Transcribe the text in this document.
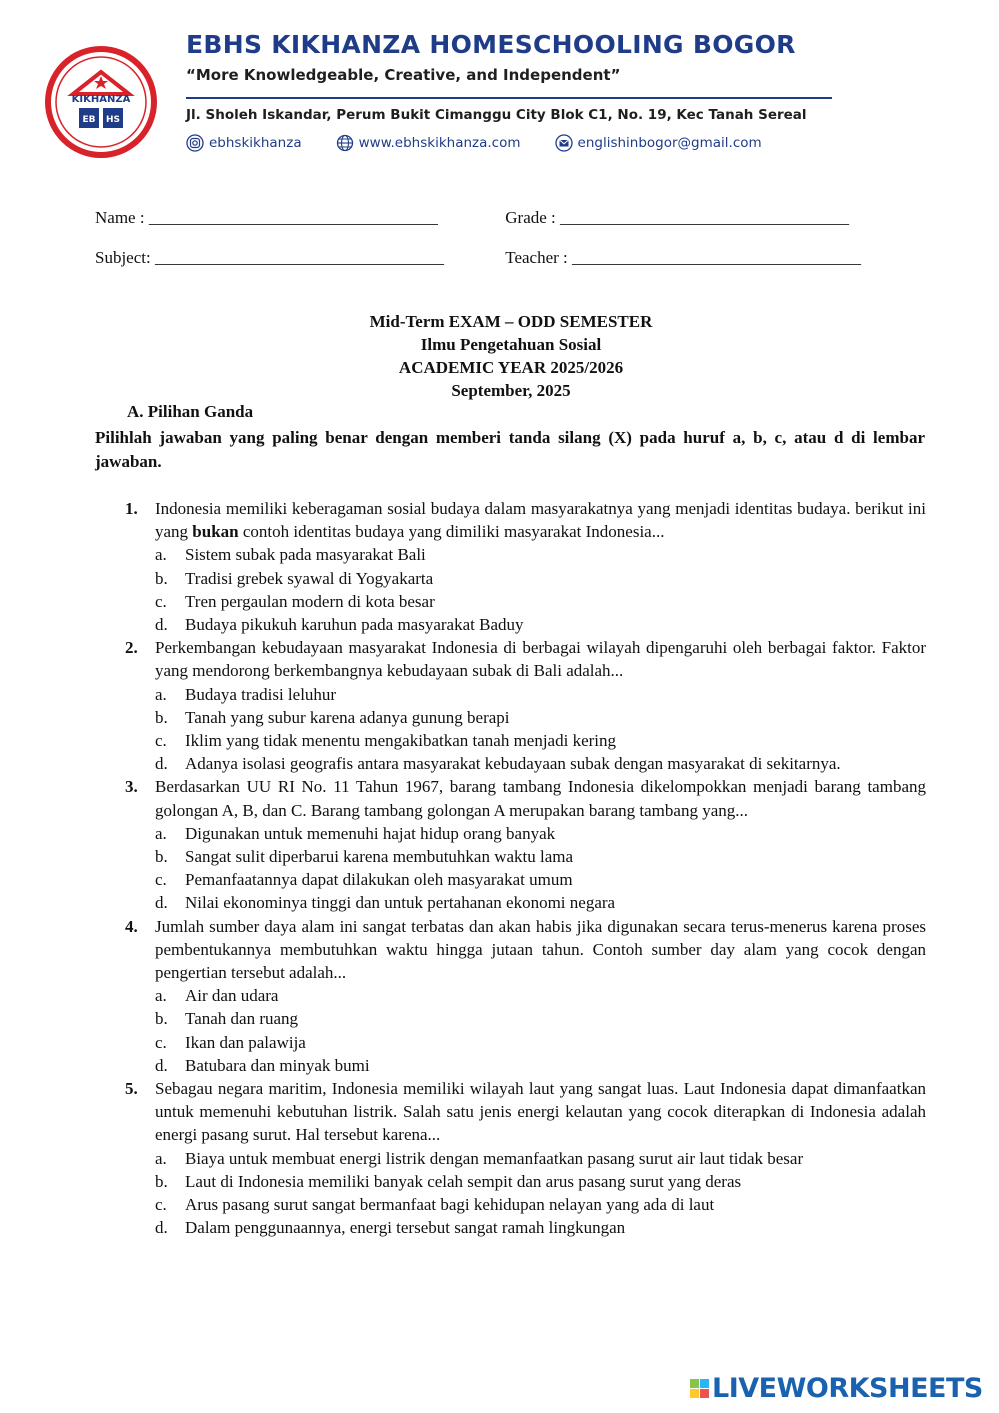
KIKHANZA
EB HS
EBHS KIKHANZA HOMESCHOOLING BOGOR
“More Knowledgeable, Creative, and Independent”
Jl. Sholeh Iskandar, Perum Bukit Cimanggu City Blok C1, No. 19, Kec Tanah Sereal
ebhskikhanza	www.ebhskikhanza.com	englishinbogor@gmail.com
Name : __________________________________	Grade : __________________________________
Subject: __________________________________	Teacher : __________________________________
Mid-Term EXAM – ODD SEMESTER
Ilmu Pengetahuan Sosial
ACADEMIC YEAR 2025/2026
September, 2025
A. Pilihan Ganda
Pilihlah jawaban yang paling benar dengan memberi tanda silang (X) pada huruf a, b, c, atau d di lembar jawaban.
1.	Indonesia memiliki keberagaman sosial budaya dalam masyarakatnya yang menjadi identitas budaya. berikut ini yang bukan contoh identitas budaya yang dimiliki masyarakat Indonesia...
a.	Sistem subak pada masyarakat Bali
b.	Tradisi grebek syawal di Yogyakarta
c.	Tren pergaulan modern di kota besar
d.	Budaya pikukuh karuhun pada masyarakat Baduy
2.	Perkembangan kebudayaan masyarakat Indonesia di berbagai wilayah dipengaruhi oleh berbagai faktor. Faktor yang mendorong berkembangnya kebudayaan subak di Bali adalah...
a.	Budaya tradisi leluhur
b.	Tanah yang subur karena adanya gunung berapi
c.	Iklim yang tidak menentu mengakibatkan tanah menjadi kering
d.	Adanya isolasi geografis antara masyarakat kebudayaan subak dengan masyarakat di sekitarnya.
3.	Berdasarkan UU RI No. 11 Tahun 1967, barang tambang Indonesia dikelompokkan menjadi barang tambang golongan A, B, dan C. Barang tambang golongan A merupakan barang tambang yang...
a.	Digunakan untuk memenuhi hajat hidup orang banyak
b.	Sangat sulit diperbarui karena membutuhkan waktu lama
c.	Pemanfaatannya dapat dilakukan oleh masyarakat umum
d.	Nilai ekonominya tinggi dan untuk pertahanan ekonomi negara
4.	Jumlah sumber daya alam ini sangat terbatas dan akan habis jika digunakan secara terus-menerus karena proses pembentukannya membutuhkan waktu hingga jutaan tahun. Contoh sumber day alam yang cocok dengan pengertian tersebut adalah...
a.	Air dan udara
b.	Tanah dan ruang
c.	Ikan dan palawija
d.	Batubara dan minyak bumi
5.	Sebagau negara maritim, Indonesia memiliki wilayah laut yang sangat luas. Laut Indonesia dapat dimanfaatkan untuk memenuhi kebutuhan listrik. Salah satu jenis energi kelautan yang cocok diterapkan di Indonesia adalah energi pasang surut. Hal tersebut karena...
a.	Biaya untuk membuat energi listrik dengan memanfaatkan pasang surut air laut tidak besar
b.	Laut di Indonesia memiliki banyak celah sempit dan arus pasang surut yang deras
c.	Arus pasang surut sangat bermanfaat bagi kehidupan nelayan yang ada di laut
d.	Dalam penggunaannya, energi tersebut sangat ramah lingkungan
LIVEWORKSHEETS
